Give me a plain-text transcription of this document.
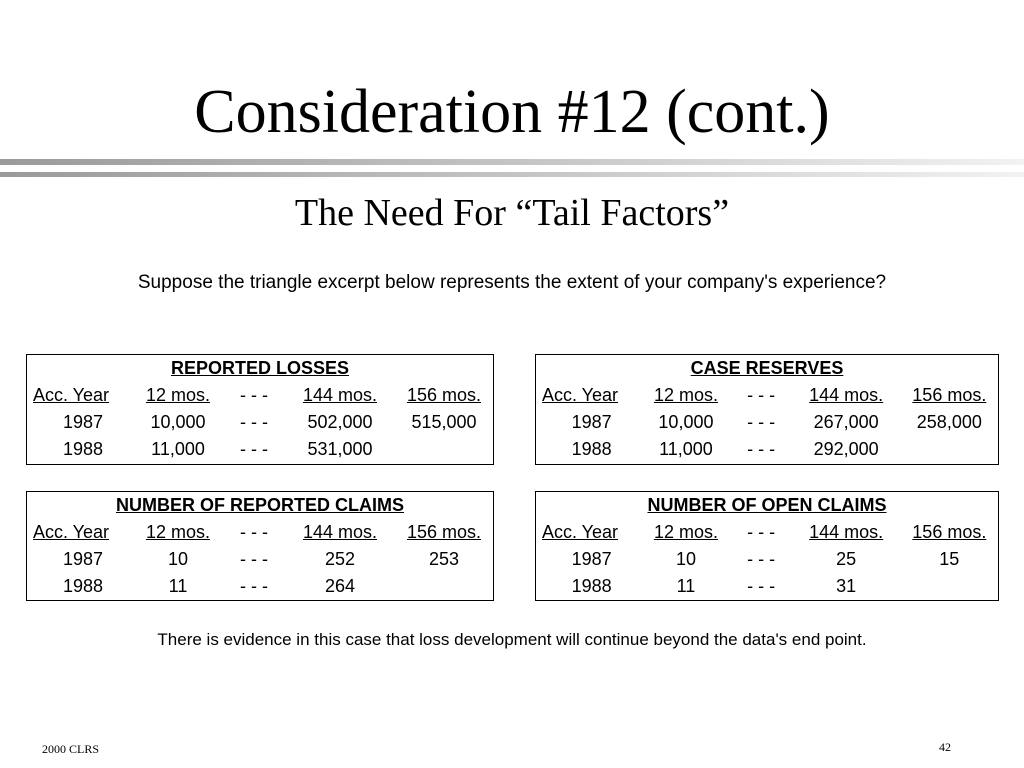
Consideration #12 (cont.)
The Need For “Tail Factors”
Suppose the triangle excerpt below represents the extent of your company's experience?
REPORTED LOSSES				
Acc. Year	12 mos.	- - -	144 mos.	156 mos.
1987	10,000	- - -	502,000	515,000
1988	11,000	- - -	531,000	
CASE RESERVES				
Acc. Year	12 mos.	- - -	144 mos.	156 mos.
1987	10,000	- - -	267,000	258,000
1988	11,000	- - -	292,000	
NUMBER OF REPORTED CLAIMS				
Acc. Year	12 mos.	- - -	144 mos.	156 mos.
1987	10	- - -	252	253
1988	11	- - -	264	
NUMBER OF OPEN CLAIMS				
Acc. Year	12 mos.	- - -	144 mos.	156 mos.
1987	10	- - -	25	15
1988	11	- - -	31	
There is evidence in this case that loss development will continue beyond the data's end point.
2000 CLRS	42
